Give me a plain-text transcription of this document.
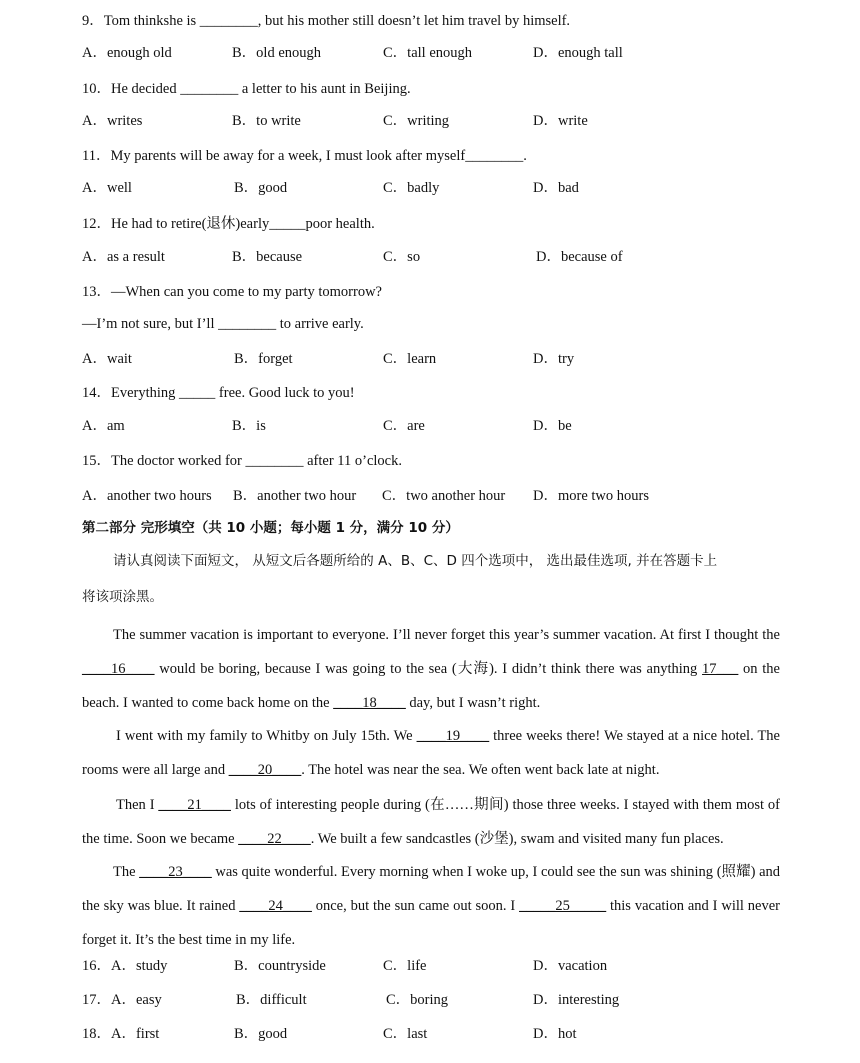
9．Tom thinkshe is ________, but his mother still doesn’t let him travel by himself.
A．enough old	B．old enough	C．tall enough	D．enough tall
10．He decided ________ a letter to his aunt in Beijing.
A．writes	B．to write	C．writing	D．write
11．My parents will be away for a week, I must look after myself________.
A．well	B．good	C．badly	D．bad
12．He had to retire(退休)early_____poor health.
A．as a result	B．because	C．so	D．because of
13．—When can you come to my party tomorrow?
—I’m not sure, but I’ll ________ to arrive early.
A．wait	B．forget	C．learn	D．try
14．Everything _____ free. Good luck to you!
A．am	B．is	C．are	D．be
15．The doctor worked for ________ after 11 o’clock.
A．another two hours B．another two hour C．two another hour D．more two hours
第二部分 完形填空（共 10 小题；每小题 1 分，满分 10 分）
请认真阅读下面短文， 从短文后各题所给的 A、B、C、D 四个选项中， 选出最佳选项, 并在答题卡上
将该项涂黑。
The summer vacation is important to everyone. I’ll never forget this year’s summer vacation. At first I thought the ____16____ would be boring, because I was going to the sea (大海). I didn’t think there was anything 17___ on the beach. I wanted to come back home on the ____18____ day, but I wasn’t right.
I went with my family to Whitby on July 15th. We ____19____ three weeks there! We stayed at a nice hotel. The rooms were all large and ____20____. The hotel was near the sea. We often went back late at night.
Then I ____21____ lots of interesting people during (在……期间) those three weeks. I stayed with them most of the time. Soon we became ____22____. We built a few sandcastles (沙堡), swam and visited many fun places.
The ____23____ was quite wonderful. Every morning when I woke up, I could see the sun was shining (照耀) and the sky was blue. It rained ____24____ once, but the sun came out soon. I _____25_____ this vacation and I will never forget it. It’s the best time in my life.
16．A．study	B．countryside	C．life	D．vacation
17．A．easy	B．difficult	C．boring	D．interesting
18．A．first	B．good	C．last	D．hot
